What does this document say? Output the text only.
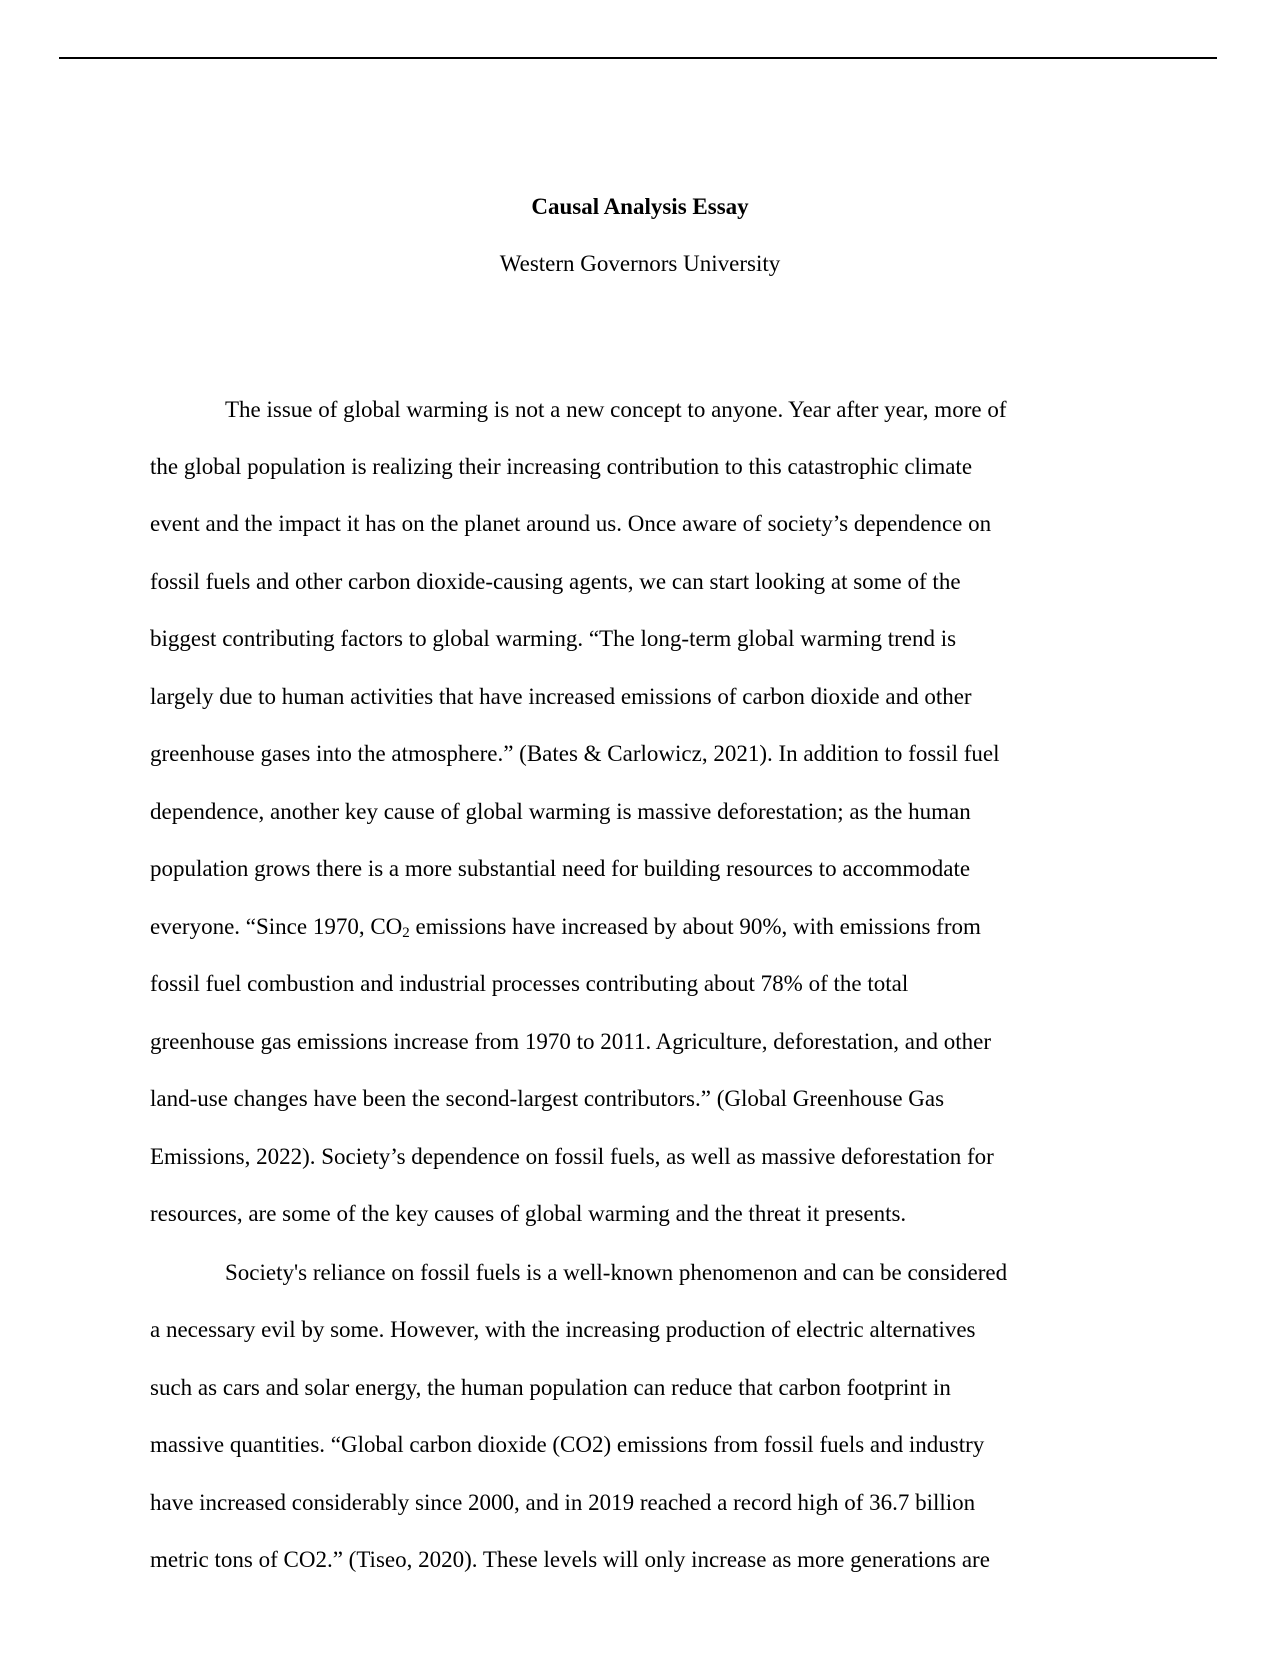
Causal Analysis Essay

Western Governors University

The issue of global warming is not a new concept to anyone. Year after year, more of

the global population is realizing their increasing contribution to this catastrophic climate

event and the impact it has on the planet around us. Once aware of society’s dependence on

fossil fuels and other carbon dioxide-causing agents, we can start looking at some of the

biggest contributing factors to global warming. “The long-term global warming trend is

largely due to human activities that have increased emissions of carbon dioxide and other

greenhouse gases into the atmosphere.” (Bates & Carlowicz, 2021). In addition to fossil fuel

dependence, another key cause of global warming is massive deforestation; as the human

population grows there is a more substantial need for building resources to accommodate

everyone. “Since 1970, $CO_2$ emissions have increased by about 90%, with emissions from

fossil fuel combustion and industrial processes contributing about 78% of the total

greenhouse gas emissions increase from 1970 to 2011. Agriculture, deforestation, and other

land-use changes have been the second-largest contributors.” (Global Greenhouse Gas

Emissions, 2022). Society’s dependence on fossil fuels, as well as massive deforestation for

resources, are some of the key causes of global warming and the threat it presents.

Society's reliance on fossil fuels is a well-known phenomenon and can be considered

a necessary evil by some. However, with the increasing production of electric alternatives

such as cars and solar energy, the human population can reduce that carbon footprint in

massive quantities. “Global carbon dioxide (CO2) emissions from fossil fuels and industry

have increased considerably since 2000, and in 2019 reached a record high of 36.7 billion

metric tons of CO2.” (Tiseo, 2020). These levels will only increase as more generations are
